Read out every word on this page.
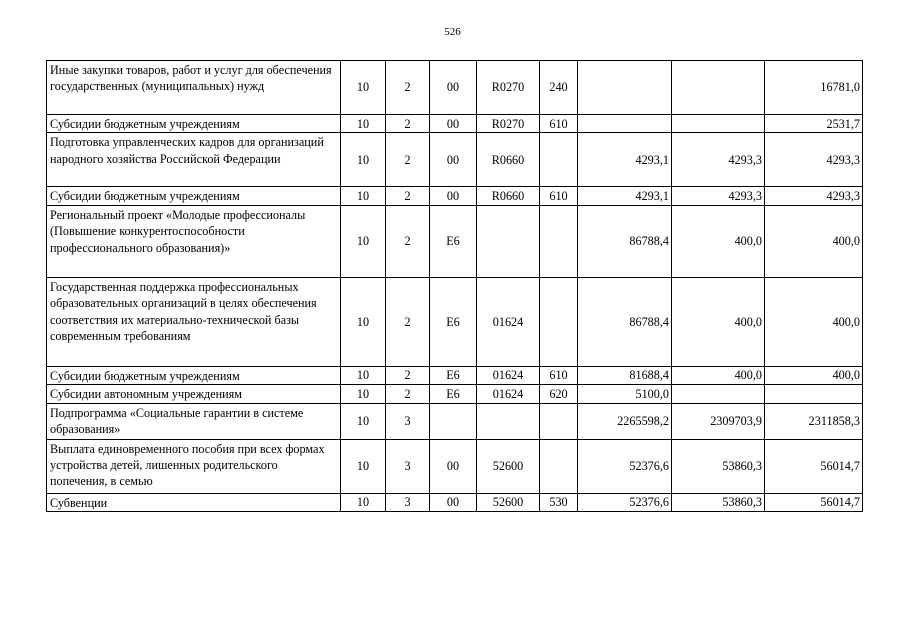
526
Иные закупки товаров, работ и услуг для обеспечения государственных (муниципальных) нужд	10	2	00	R0270	240			16781,0
Субсидии бюджетным учреждениям	10	2	00	R0270	610			2531,7
Подготовка управленческих кадров для организаций народного хозяйства Российской Федерации	10	2	00	R0660		4293,1	4293,3	4293,3
Субсидии бюджетным учреждениям	10	2	00	R0660	610	4293,1	4293,3	4293,3
Региональный проект «Молодые профессионалы (Повышение конкурентоспособности профессионального образования)»	10	2	E6			86788,4	400,0	400,0
Государственная поддержка профессиональных образовательных организаций в целях обеспечения соответствия их материально-технической базы современным требованиям	10	2	E6	01624		86788,4	400,0	400,0
Субсидии бюджетным учреждениям	10	2	E6	01624	610	81688,4	400,0	400,0
Субсидии автономным учреждениям	10	2	E6	01624	620	5100,0		
Подпрограмма «Социальные гарантии в системе образования»	10	3				2265598,2	2309703,9	2311858,3
Выплата единовременного пособия при всех формах устройства детей, лишенных родительского попечения, в семью	10	3	00	52600		52376,6	53860,3	56014,7
Субвенции	10	3	00	52600	530	52376,6	53860,3	56014,7
